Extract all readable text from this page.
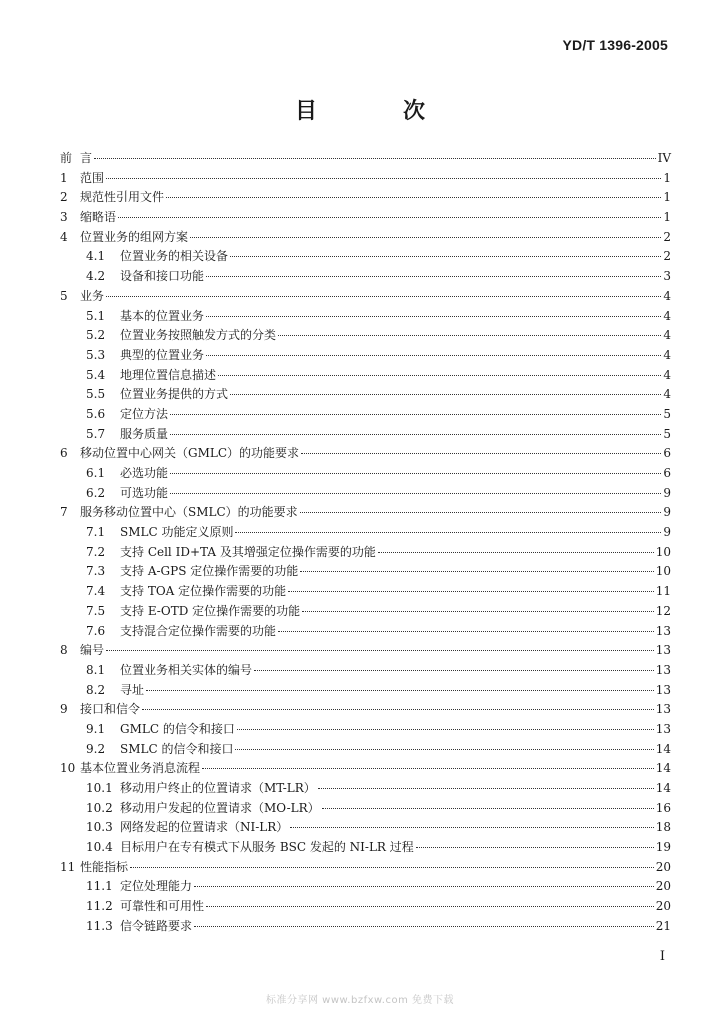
YD/T 1396-2005
目　次
前 言	IV
1	范围	1
2	规范性引用文件	1
3	缩略语	1
4	位置业务的组网方案	2
4.1	位置业务的相关设备	2
4.2	设备和接口功能	3
5	业务	4
5.1	基本的位置业务	4
5.2	位置业务按照触发方式的分类	4
5.3	典型的位置业务	4
5.4	地理位置信息描述	4
5.5	位置业务提供的方式	4
5.6	定位方法	5
5.7	服务质量	5
6	移动位置中心网关（GMLC）的功能要求	6
6.1	必选功能	6
6.2	可选功能	9
7	服务移动位置中心（SMLC）的功能要求	9
7.1	SMLC 功能定义原则	9
7.2	支持 Cell ID+TA 及其增强定位操作需要的功能	10
7.3	支持 A-GPS 定位操作需要的功能	10
7.4	支持 TOA 定位操作需要的功能	11
7.5	支持 E-OTD 定位操作需要的功能	12
7.6	支持混合定位操作需要的功能	13
8	编号	13
8.1	位置业务相关实体的编号	13
8.2	寻址	13
9	接口和信令	13
9.1	GMLC 的信令和接口	13
9.2	SMLC 的信令和接口	14
10 基本位置业务消息流程	14
10.1 移动用户终止的位置请求（MT-LR）	14
10.2 移动用户发起的位置请求（MO-LR）	16
10.3 网络发起的位置请求（NI-LR）	18
10.4 目标用户在专有模式下从服务 BSC 发起的 NI-LR 过程	19
11 性能指标	20
11.1 定位处理能力	20
11.2 可靠性和可用性	20
11.3 信令链路要求	21
I
标准分享网 www.bzfxw.com 免费下载
